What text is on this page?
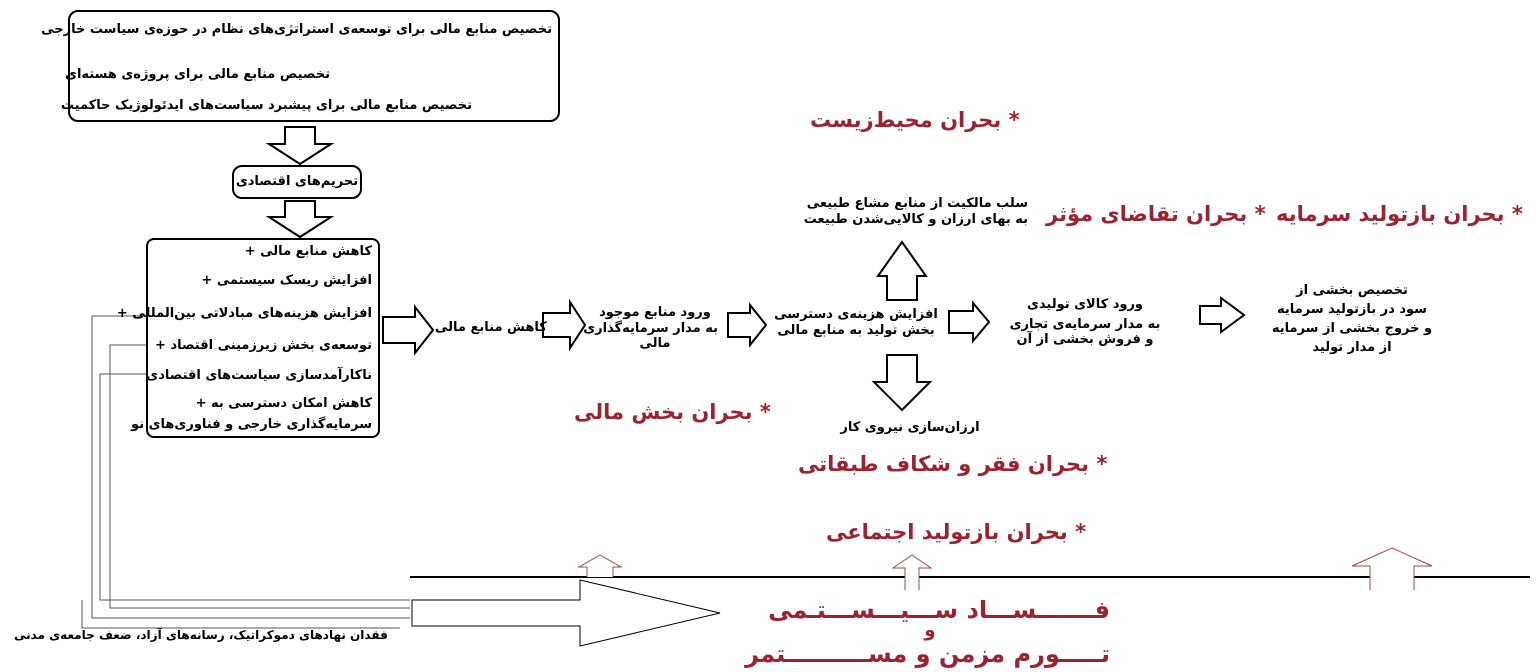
تخصیص منابع مالی برای توسعه‌ی استراتژی‌های نظام در حوزه‌ی سیاست خارجی
تخصیص منابع مالی برای پروژه‌ی هسته‌ای
تخصیص منابع مالی برای پیشبرد سیاست‌های ایدئولوژیک حاکمیت
تحریم‌های اقتصادی
کاهش منابع مالی +
افزایش ریسک سیستمی +
افزایش هزینه‌های مبادلاتی بین‌المللی +
توسعه‌ی بخش زیرزمینی اقتصاد +
ناکارآمدسازی سیاست‌های اقتصادی
کاهش امکان دسترسی به +
سرمایه‌گذاری خارجی و فناوری‌های نو
کاهش منابع مالی
ورود منابع موجود
به مدار سرمایه‌گذاری
مالی
افزایش هزینه‌ی دسترسی
بخش تولید به منابع مالی
ورود کالای تولیدی
به مدار سرمایه‌ی تجاری
و فروش بخشی از آن
تخصیص بخشی از
سود در بازتولید سرمایه
و خروج بخشی از سرمایه
از مدار تولید
سلب مالکیت از منابع مشاع طبیعی
به بهای ارزان و کالایی‌شدن طبیعت
ارزان‌سازی نیروی کار
* بحران محیط‌زیست
* بحران تقاضای مؤثر * بحران بازتولید سرمایه
* بحران بخش مالی
* بحران فقر و شکاف طبقاتی
* بحران بازتولید اجتماعی
فقدان نهادهای دموکراتیک، رسانه‌های آزاد، ضعف جامعه‌ی مدنی
فـــــــســـاد ســـیـــســـتـمی
و
تـــــورم مزمن و مســــــــــتمر
